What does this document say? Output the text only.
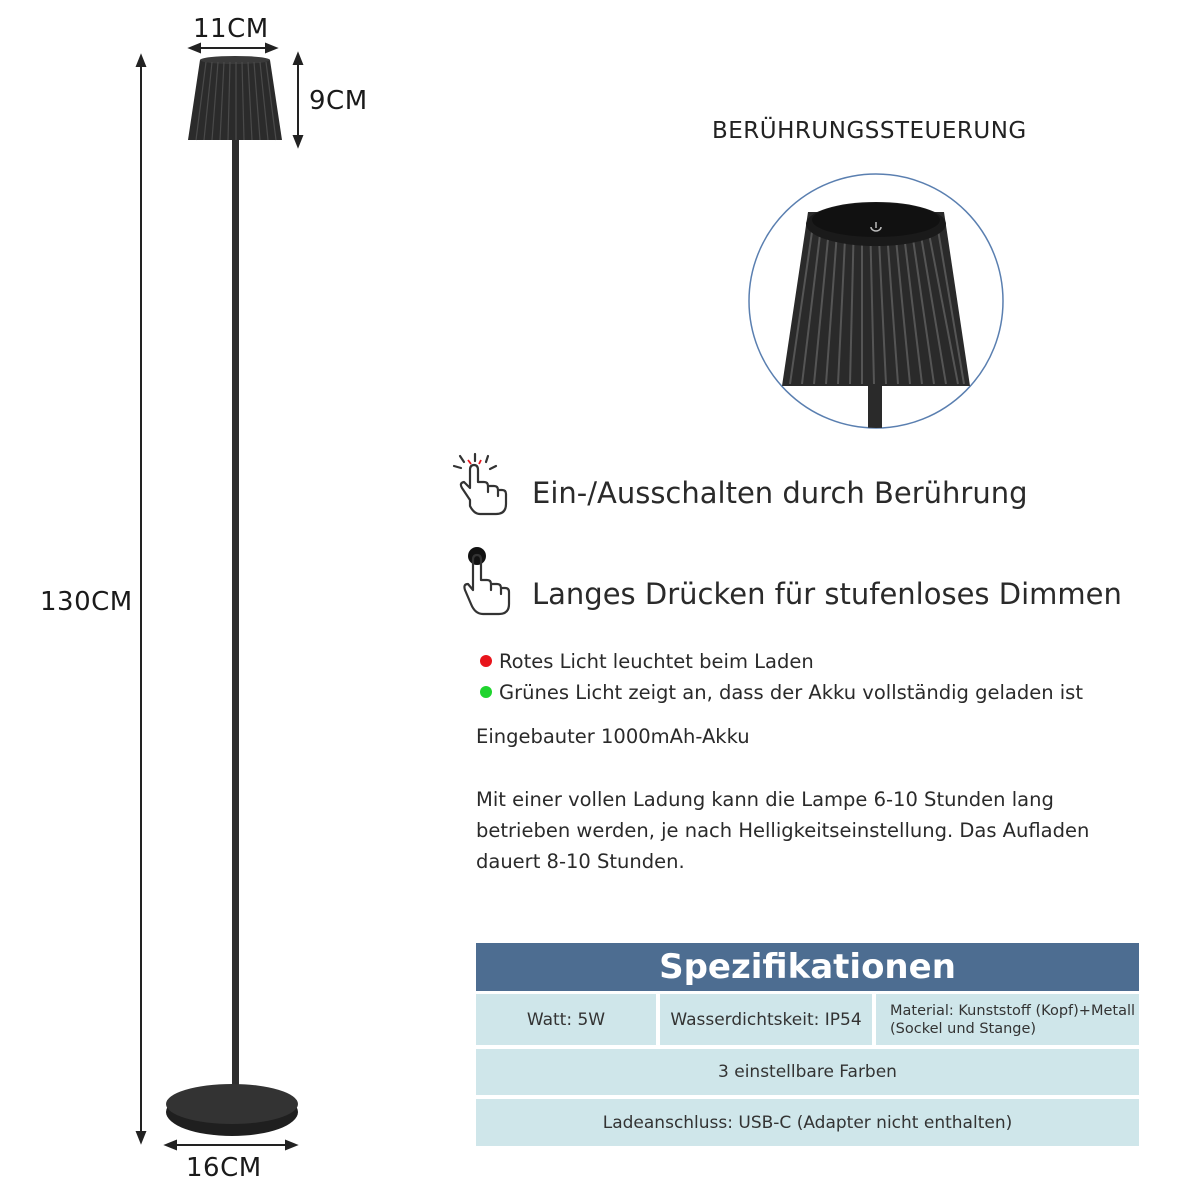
11CM
9CM
130CM
16CM
BERÜHRUNGSSTEUERUNG
Ein-/Ausschalten durch Berührung
Langes Drücken für stufenloses Dimmen
Rotes Licht leuchtet beim Laden
Grünes Licht zeigt an, dass der Akku vollständig geladen ist
Eingebauter 1000mAh-Akku
Mit einer vollen Ladung kann die Lampe 6-10 Stunden lang betrieben werden, je nach Helligkeitseinstellung. Das Aufladen dauert 8-10 Stunden.
Spezifikationen
Watt: 5W	Wasserdichtskeit: IP54	Material: Kunststoff (Kopf)+Metall (Sockel und Stange)
3 einstellbare Farben
Ladeanschluss: USB-C (Adapter nicht enthalten)
